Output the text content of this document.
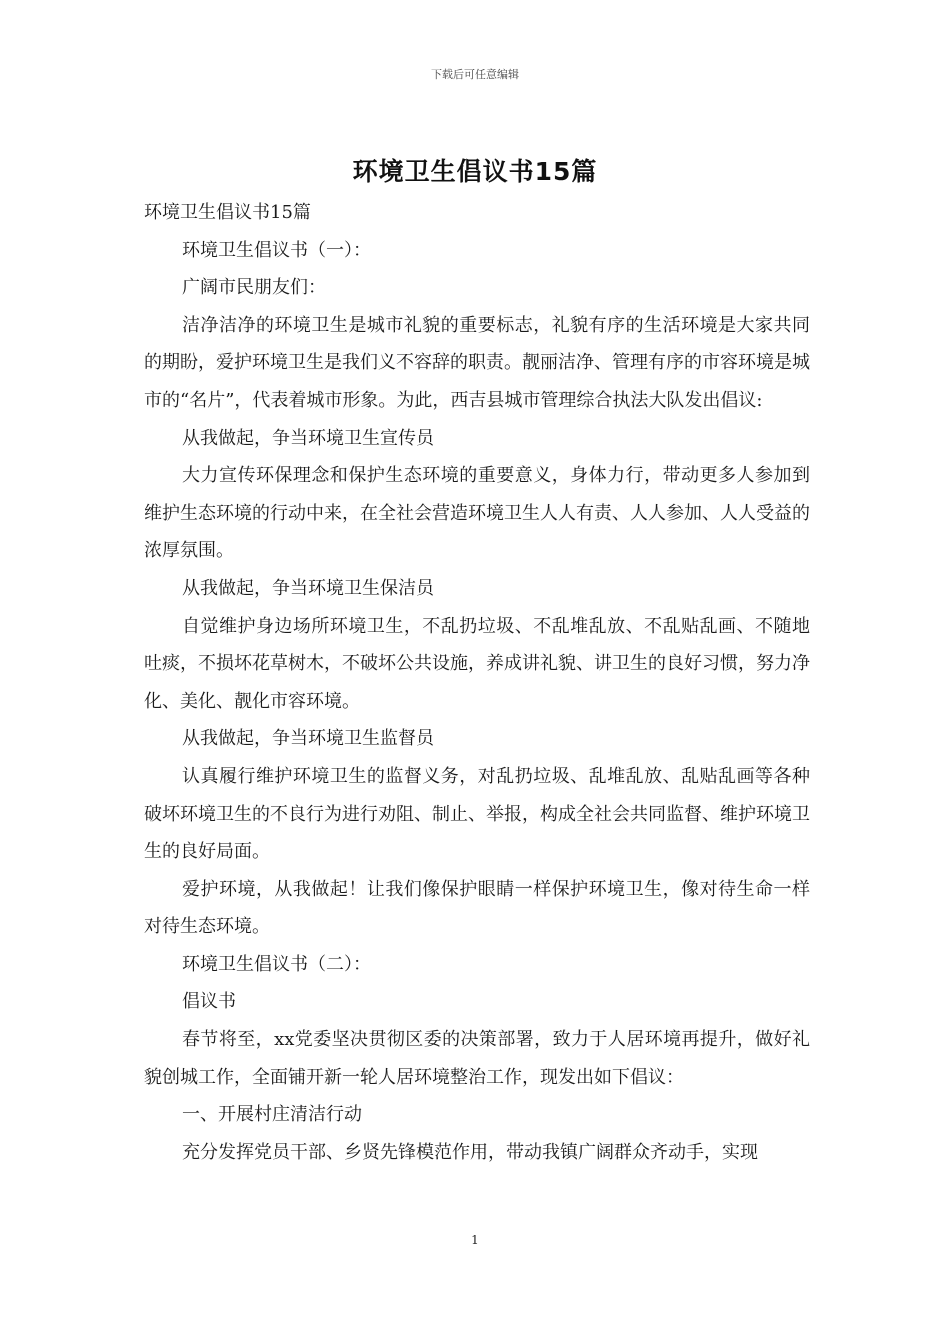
下载后可任意编辑
环境卫生倡议书15篇

环境卫生倡议书15篇

环境卫生倡议书（一）：

广阔市民朋友们：

洁净洁净的环境卫生是城市礼貌的重要标志，礼貌有序的生活环境是大家共同的期盼，爱护环境卫生是我们义不容辞的职责。靓丽洁净、管理有序的市容环境是城市的“名片”，代表着城市形象。为此，西吉县城市管理综合执法大队发出倡议:

从我做起，争当环境卫生宣传员

大力宣传环保理念和保护生态环境的重要意义，身体力行，带动更多人参加到维护生态环境的行动中来，在全社会营造环境卫生人人有责、人人参加、人人受益的浓厚氛围。

从我做起，争当环境卫生保洁员

自觉维护身边场所环境卫生，不乱扔垃圾、不乱堆乱放、不乱贴乱画、不随地吐痰，不损坏花草树木，不破坏公共设施，养成讲礼貌、讲卫生的良好习惯，努力净化、美化、靓化市容环境。

从我做起，争当环境卫生监督员

认真履行维护环境卫生的监督义务，对乱扔垃圾、乱堆乱放、乱贴乱画等各种破坏环境卫生的不良行为进行劝阻、制止、举报，构成全社会共同监督、维护环境卫生的良好局面。

爱护环境，从我做起！让我们像保护眼睛一样保护环境卫生，像对待生命一样对待生态环境。

环境卫生倡议书（二）：

倡议书

春节将至，xx党委坚决贯彻区委的决策部署，致力于人居环境再提升，做好礼貌创城工作，全面铺开新一轮人居环境整治工作，现发出如下倡议：

一、开展村庄清洁行动

充分发挥党员干部、乡贤先锋模范作用，带动我镇广阔群众齐动手，实现

1
